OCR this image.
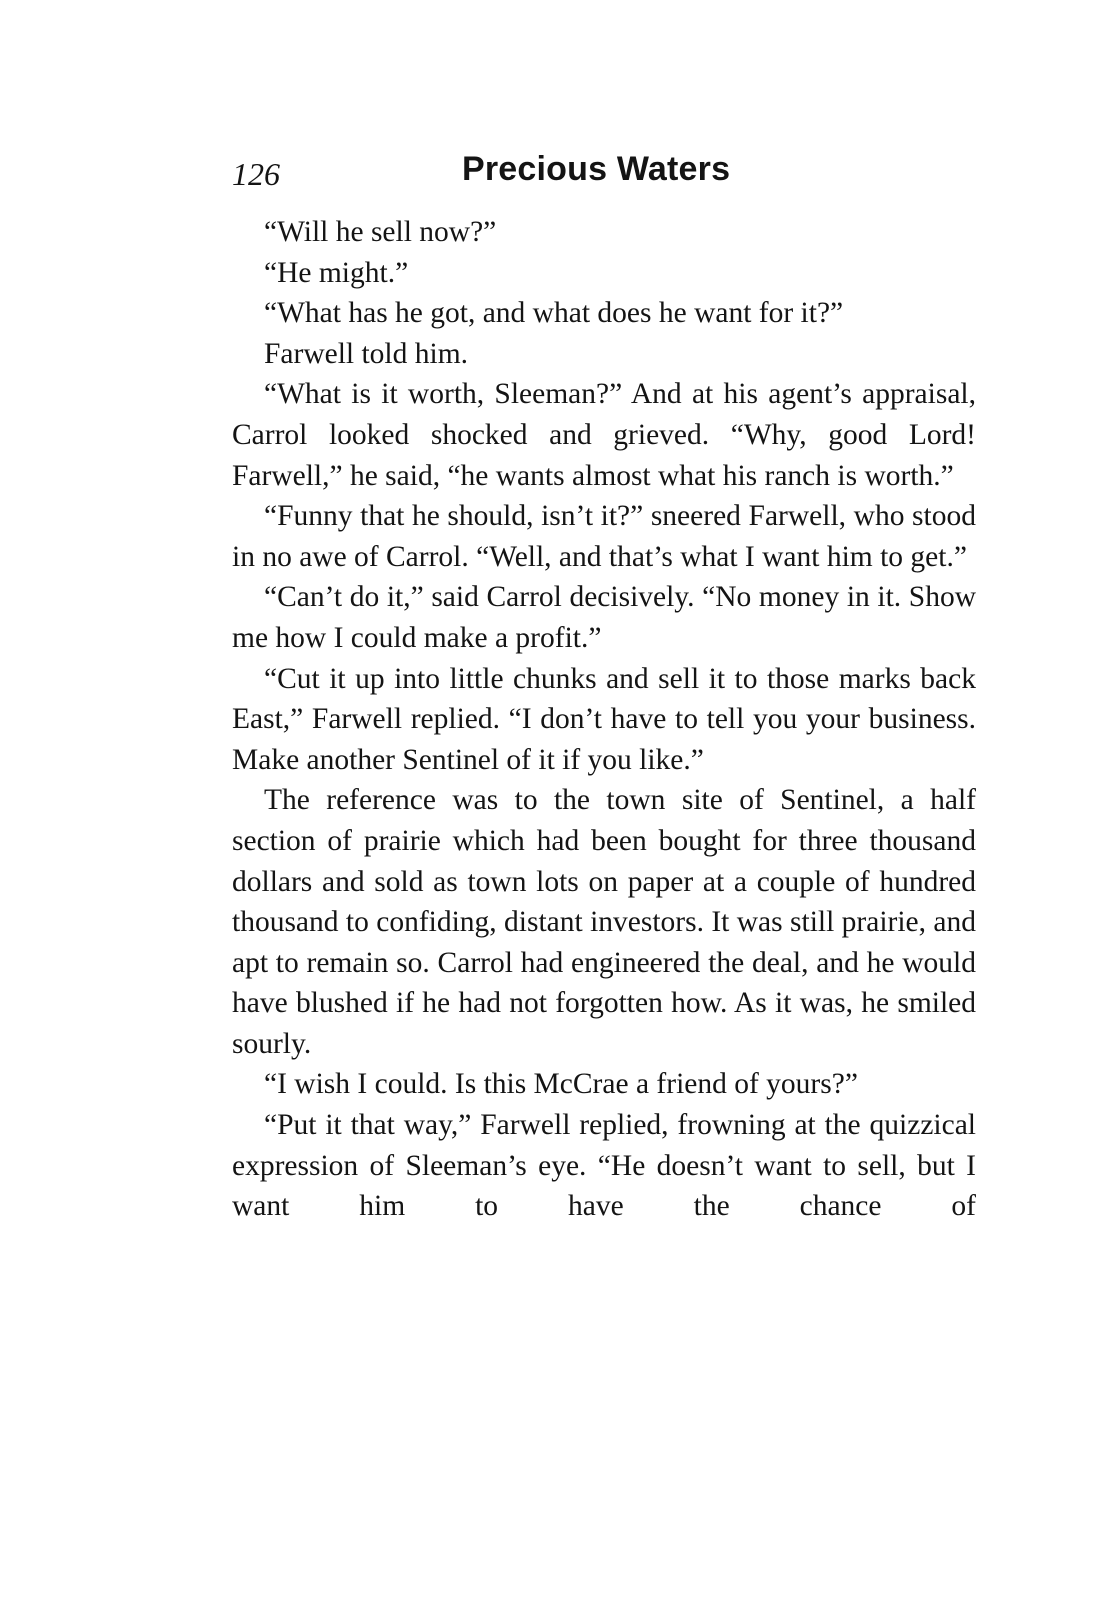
126	Precious Waters

“Will he sell now?”

“He might.”

“What has he got, and what does he want for it?”

Farwell told him.

“What is it worth, Sleeman?” And at his agent’s appraisal, Carrol looked shocked and grieved. “Why, good Lord! Farwell,” he said, “he wants almost what his ranch is worth.”

“Funny that he should, isn’t it?” sneered Farwell, who stood in no awe of Carrol. “Well, and that’s what I want him to get.”

“Can’t do it,” said Carrol decisively. “No money in it. Show me how I could make a profit.”

“Cut it up into little chunks and sell it to those marks back East,” Farwell replied. “I don’t have to tell you your business. Make another Sentinel of it if you like.”

The reference was to the town site of Sentinel, a half section of prairie which had been bought for three thousand dollars and sold as town lots on paper at a couple of hundred thousand to confiding, distant investors. It was still prairie, and apt to remain so. Carrol had engineered the deal, and he would have blushed if he had not forgotten how. As it was, he smiled sourly.

“I wish I could. Is this McCrae a friend of yours?”

“Put it that way,” Farwell replied, frowning at the quizzical expression of Sleeman’s eye. “He doesn’t want to sell, but I want him to have the chance of
